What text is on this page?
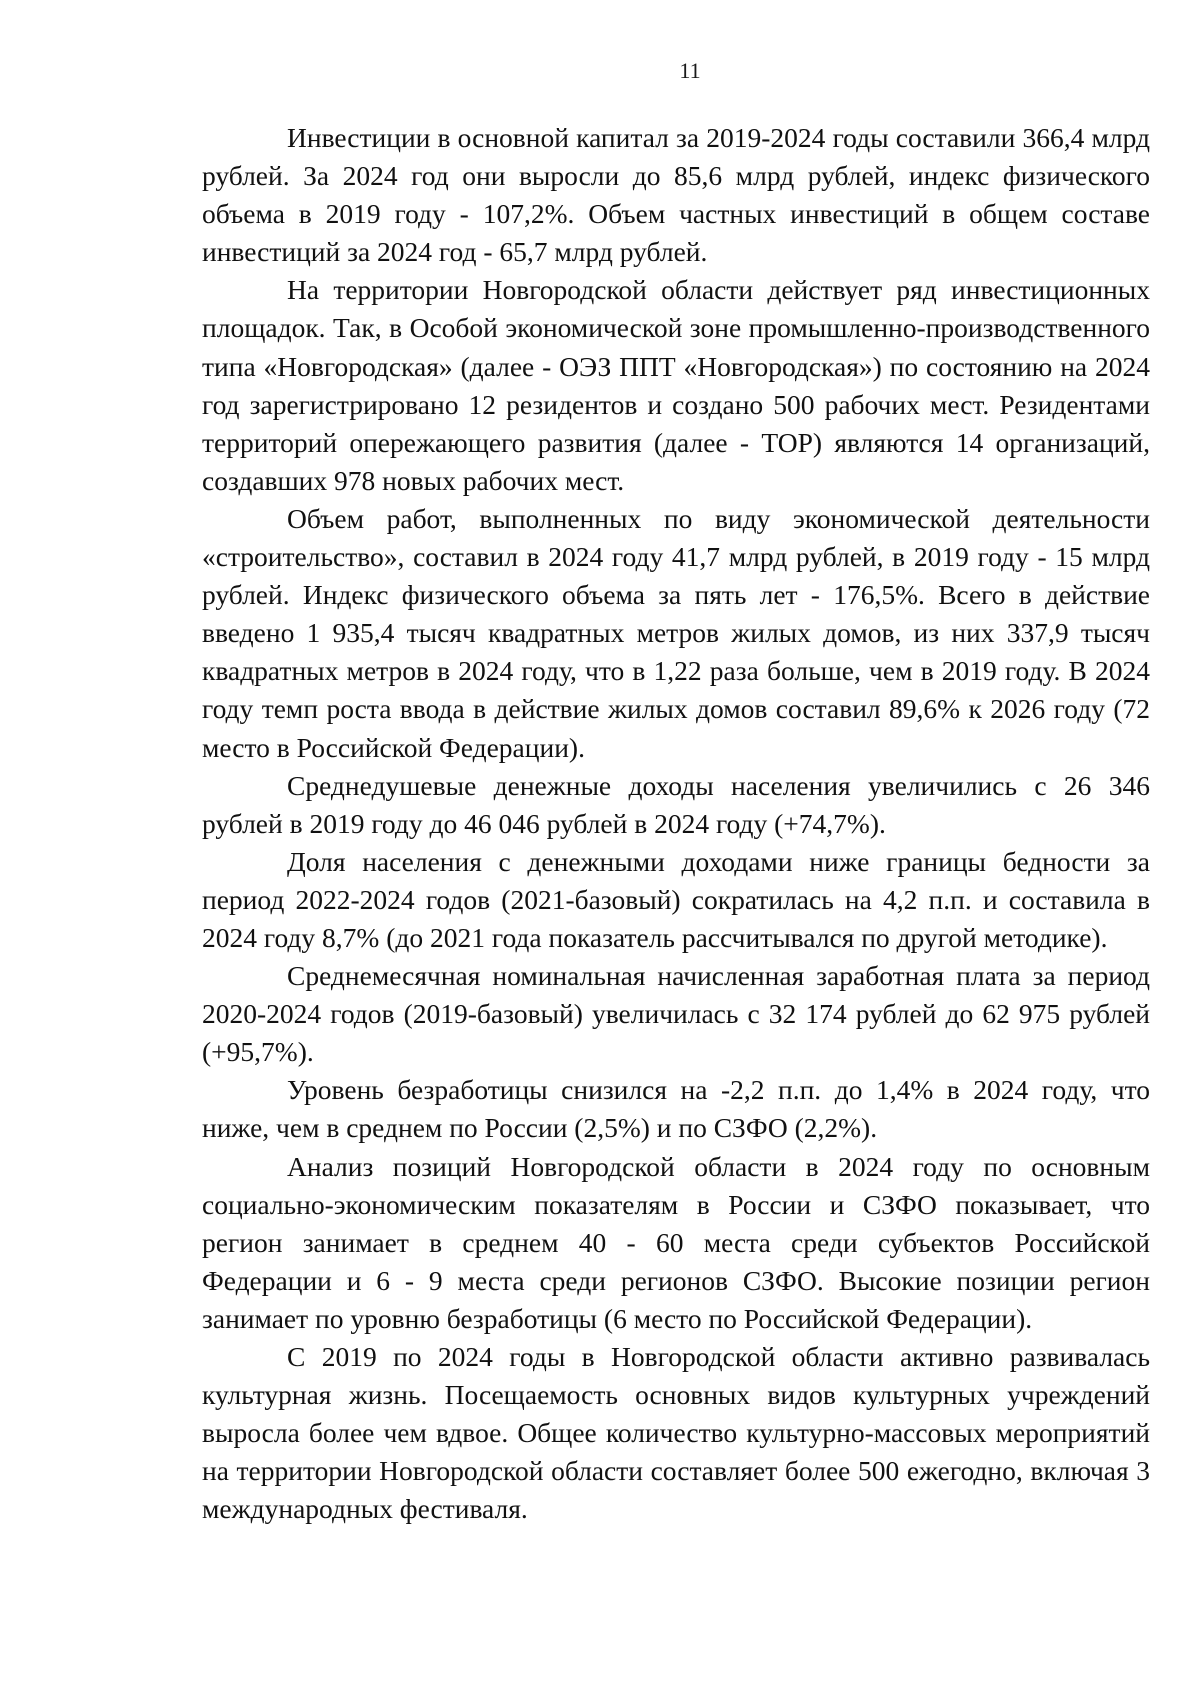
11

Инвестиции в основной капитал за 2019-2024 годы составили 366,4 млрд рублей. За 2024 год они выросли до 85,6 млрд рублей, индекс физического объема в 2019 году - 107,2%. Объем частных инвестиций в общем составе инвестиций за 2024 год - 65,7 млрд рублей.

На территории Новгородской области действует ряд инвестиционных площадок. Так, в Особой экономической зоне промышленно-производственного типа «Новгородская» (далее - ОЭЗ ППТ «Новгородская») по состоянию на 2024 год зарегистрировано 12 резидентов и создано 500 рабочих мест. Резидентами территорий опережающего развития (далее - ТОР) являются 14 организаций, создавших 978 новых рабочих мест.

Объем работ, выполненных по виду экономической деятельности «строительство», составил в 2024 году 41,7 млрд рублей, в 2019 году - 15 млрд рублей. Индекс физического объема за пять лет - 176,5%. Всего в действие введено 1 935,4 тысяч квадратных метров жилых домов, из них 337,9 тысяч квадратных метров в 2024 году, что в 1,22 раза больше, чем в 2019 году. В 2024 году темп роста ввода в действие жилых домов составил 89,6% к 2026 году (72 место в Российской Федерации).

Среднедушевые денежные доходы населения увеличились с 26 346 рублей в 2019 году до 46 046 рублей в 2024 году (+74,7%).

Доля населения с денежными доходами ниже границы бедности за период 2022-2024 годов (2021-базовый) сократилась на 4,2 п.п. и составила в 2024 году 8,7% (до 2021 года показатель рассчитывался по другой методике).

Среднемесячная номинальная начисленная заработная плата за период 2020-2024 годов (2019-базовый) увеличилась с 32 174 рублей до 62 975 рублей (+95,7%).

Уровень безработицы снизился на -2,2 п.п. до 1,4% в 2024 году, что ниже, чем в среднем по России (2,5%) и по СЗФО (2,2%).

Анализ позиций Новгородской области в 2024 году по основным социально-экономическим показателям в России и СЗФО показывает, что регион занимает в среднем 40 - 60 места среди субъектов Российской Федерации и 6 - 9 места среди регионов СЗФО. Высокие позиции регион занимает по уровню безработицы (6 место по Российской Федерации).

С 2019 по 2024 годы в Новгородской области активно развивалась культурная жизнь. Посещаемость основных видов культурных учреждений выросла более чем вдвое. Общее количество культурно-массовых мероприятий на территории Новгородской области составляет более 500 ежегодно, включая 3 международных фестиваля.
